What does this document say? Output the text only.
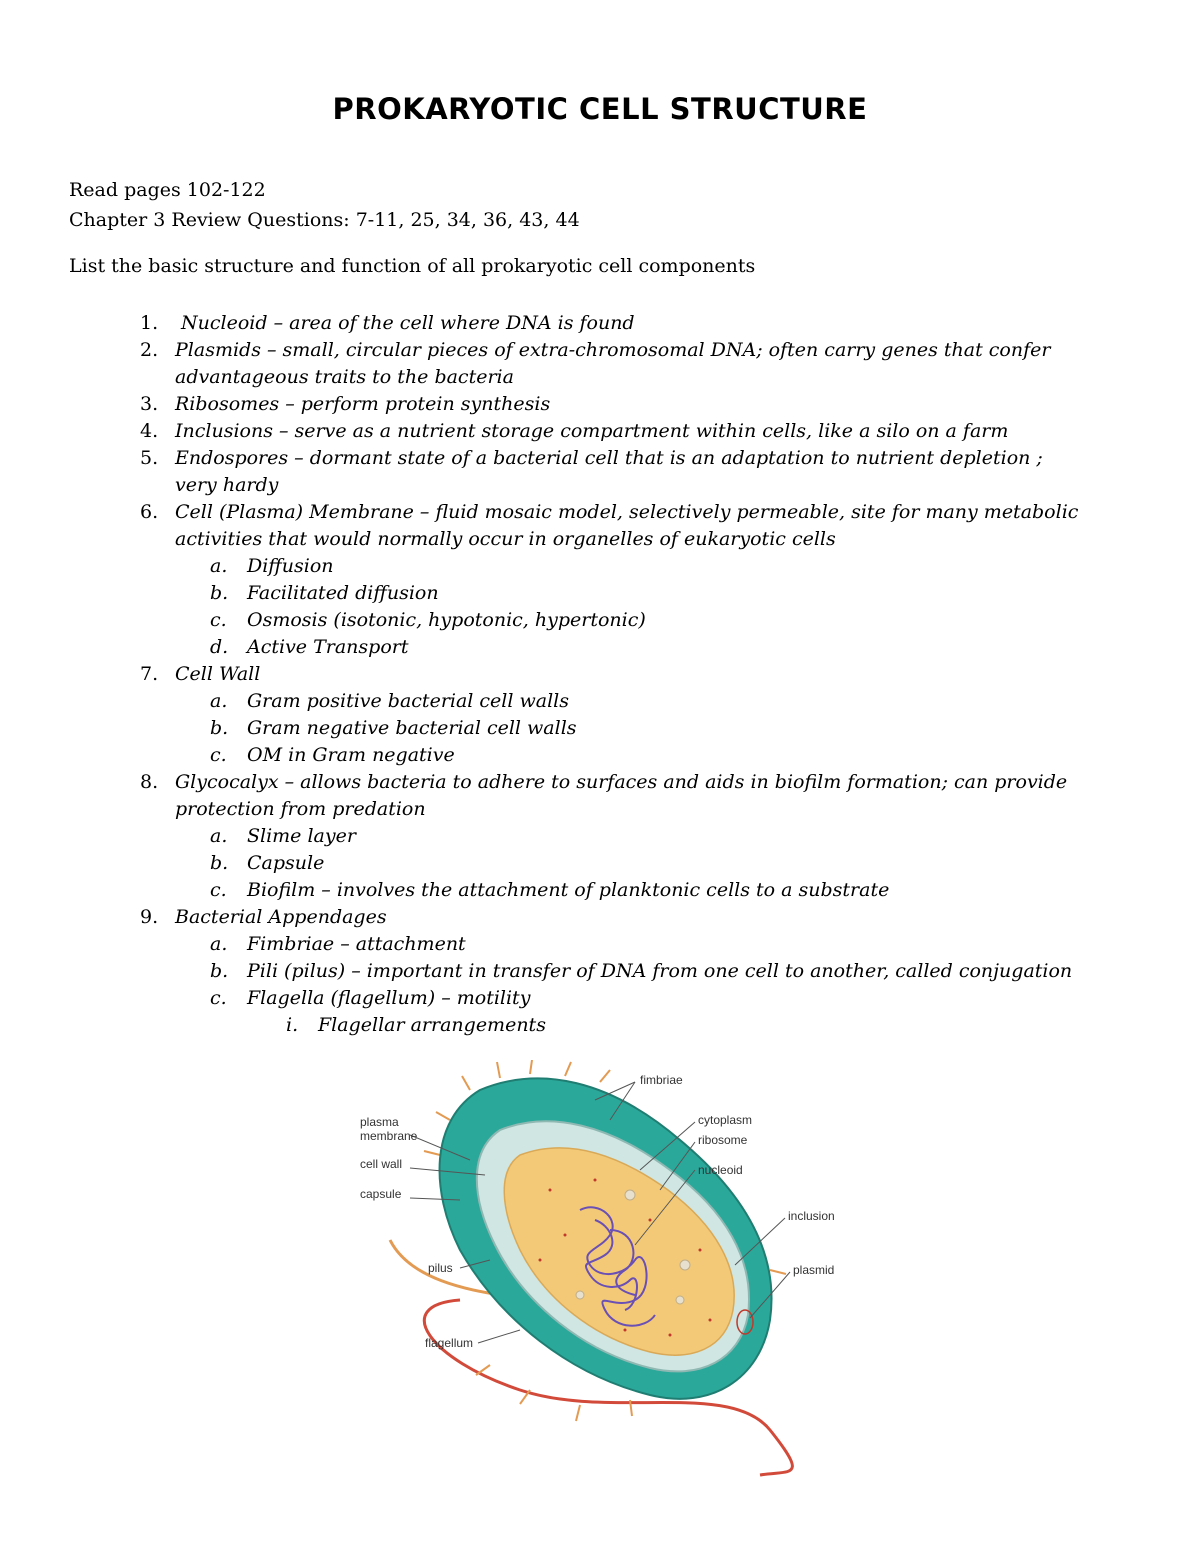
PROKARYOTIC CELL STRUCTURE

Read pages 102-122

Chapter 3 Review Questions: 7-11, 25, 34, 36, 43, 44

List the basic structure and function of all prokaryotic cell components

1. Nucleoid – area of the cell where DNA is found
2. Plasmids – small, circular pieces of extra-chromosomal DNA; often carry genes that confer advantageous traits to the bacteria
3. Ribosomes – perform protein synthesis
4. Inclusions – serve as a nutrient storage compartment within cells, like a silo on a farm
5. Endospores – dormant state of a bacterial cell that is an adaptation to nutrient depletion ; very hardy
6. Cell (Plasma) Membrane – fluid mosaic model, selectively permeable, site for many metabolic activities that would normally occur in organelles of eukaryotic cells
a. Diffusion
b. Facilitated diffusion
c. Osmosis (isotonic, hypotonic, hypertonic)
d. Active Transport
7. Cell Wall
a. Gram positive bacterial cell walls
b. Gram negative bacterial cell walls
c. OM in Gram negative
8. Glycocalyx – allows bacteria to adhere to surfaces and aids in biofilm formation; can provide protection from predation
a. Slime layer
b. Capsule
c. Biofilm – involves the attachment of planktonic cells to a substrate
9. Bacterial Appendages
a. Fimbriae – attachment
b. Pili (pilus) – important in transfer of DNA from one cell to another, called conjugation
c. Flagella (flagellum) – motility
i. Flagellar arrangements
fimbriae
cytoplasm
ribosome
nucleoid
inclusion
plasmid
plasma
membrane
cell wall
capsule
pilus
flagellum
